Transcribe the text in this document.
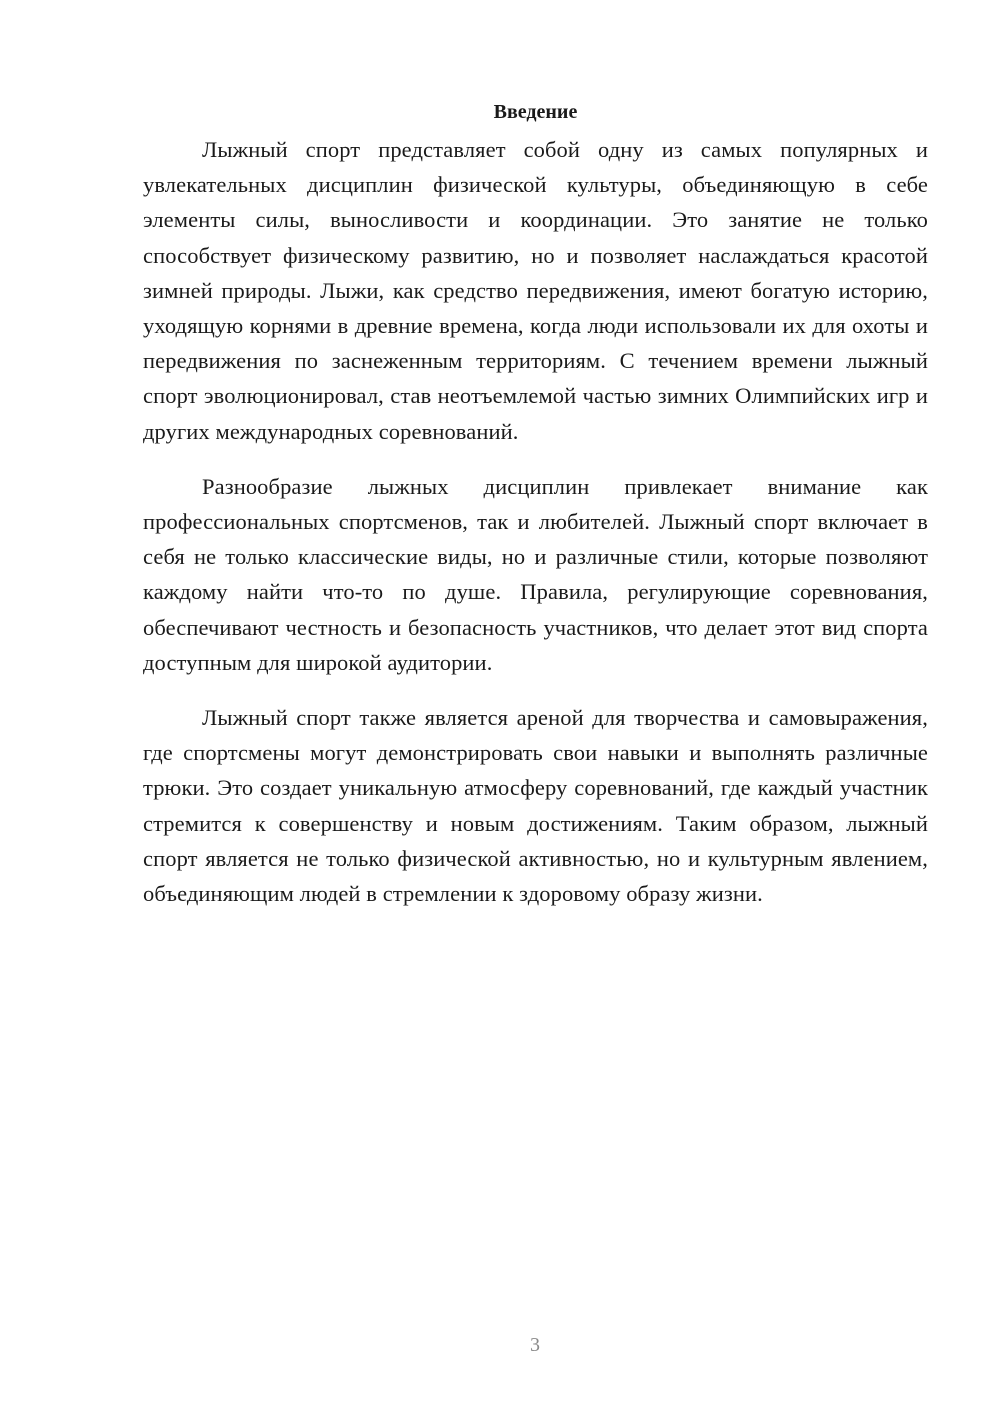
Введение

Лыжный спорт представляет собой одну из самых популярных и увлекательных дисциплин физической культуры, объединяющую в себе элементы силы, выносливости и координации. Это занятие не только способствует физическому развитию, но и позволяет наслаждаться красотой зимней природы. Лыжи, как средство передвижения, имеют богатую историю, уходящую корнями в древние времена, когда люди использовали их для охоты и передвижения по заснеженным территориям. С течением времени лыжный спорт эволюционировал, став неотъемлемой частью зимних Олимпийских игр и других международных соревнований.

Разнообразие лыжных дисциплин привлекает внимание как профессиональных спортсменов, так и любителей. Лыжный спорт включает в себя не только классические виды, но и различные стили, которые позволяют каждому найти что-то по душе. Правила, регулирующие соревнования, обеспечивают честность и безопасность участников, что делает этот вид спорта доступным для широкой аудитории.

Лыжный спорт также является ареной для творчества и самовыражения, где спортсмены могут демонстрировать свои навыки и выполнять различные трюки. Это создает уникальную атмосферу соревнований, где каждый участник стремится к совершенству и новым достижениям. Таким образом, лыжный спорт является не только физической активностью, но и культурным явлением, объединяющим людей в стремлении к здоровому образу жизни.

3
